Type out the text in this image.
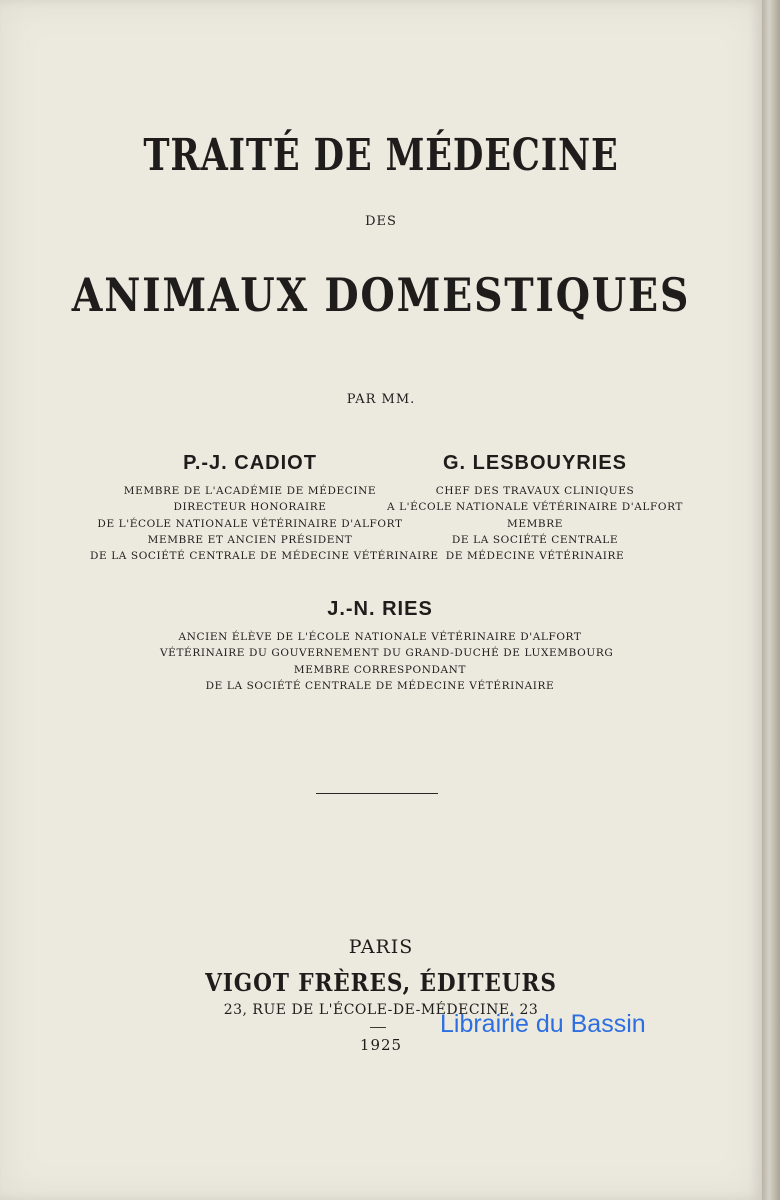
TRAITÉ DE MÉDECINE
DES
ANIMAUX DOMESTIQUES
PAR MM.
P.-J. CADIOT
MEMBRE DE L'ACADÉMIE DE MÉDECINE
DIRECTEUR HONORAIRE
DE L'ÉCOLE NATIONALE VÉTÉRINAIRE D'ALFORT
MEMBRE ET ANCIEN PRÉSIDENT
DE LA SOCIÉTÉ CENTRALE DE MÉDECINE VÉTÉRINAIRE
G. LESBOUYRIES
CHEF DES TRAVAUX CLINIQUES
A L'ÉCOLE NATIONALE VÉTÉRINAIRE D'ALFORT
MEMBRE
DE LA SOCIÉTÉ CENTRALE
DE MÉDECINE VÉTÉRINAIRE
J.-N. RIES
ANCIEN ÉLÈVE DE L'ÉCOLE NATIONALE VÉTÉRINAIRE D'ALFORT
VÉTÉRINAIRE DU GOUVERNEMENT DU GRAND-DUCHÉ DE LUXEMBOURG
MEMBRE CORRESPONDANT
DE LA SOCIÉTÉ CENTRALE DE MÉDECINE VÉTÉRINAIRE
PARIS
VIGOT FRÈRES, ÉDITEURS
23, RUE DE L'ÉCOLE-DE-MÉDECINE, 23
1925
Librairie du Bassin
